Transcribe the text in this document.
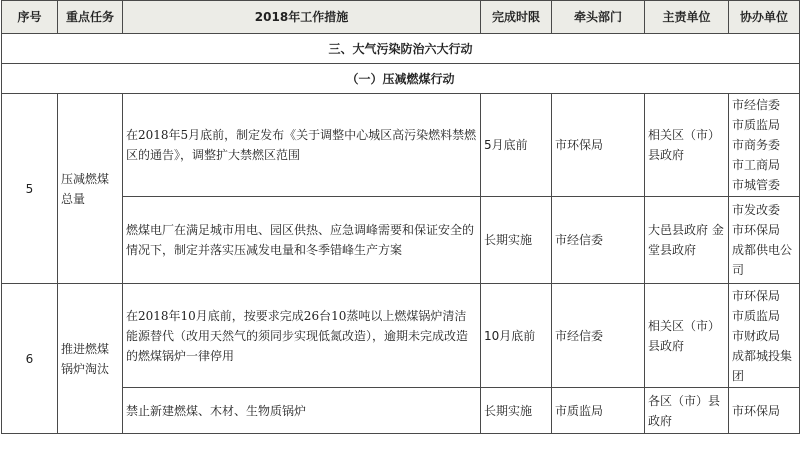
序号	重点任务	2018年工作措施	完成时限	牵头部门	主责单位	协办单位
三、大气污染防治六大行动						
（一）压减燃煤行动						
5	压减燃煤总量	在2018年5月底前，制定发布《关于调整中心城区高污染燃料禁燃区的通告》，调整扩大禁燃区范围	5月底前	市环保局	相关区（市）县政府	市经信委
市质监局
市商务委
市工商局
市城管委

		燃煤电厂在满足城市用电、园区供热、应急调峰需要和保证安全的情况下，制定并落实压减发电量和冬季错峰生产方案	长期实施	市经信委	大邑县政府 金堂县政府	市发改委
市环保局
成都供电公司

6	推进燃煤锅炉淘汰	在2018年10月底前，按要求完成26台10蒸吨以上燃煤锅炉清洁能源替代（改用天然气的须同步实现低氮改造），逾期未完成改造的燃煤锅炉一律停用	10月底前	市经信委	相关区（市）县政府	市环保局
市质监局
市财政局
成都城投集团

		禁止新建燃煤、木材、生物质锅炉	长期实施	市质监局	各区（市）县政府	市环保局
